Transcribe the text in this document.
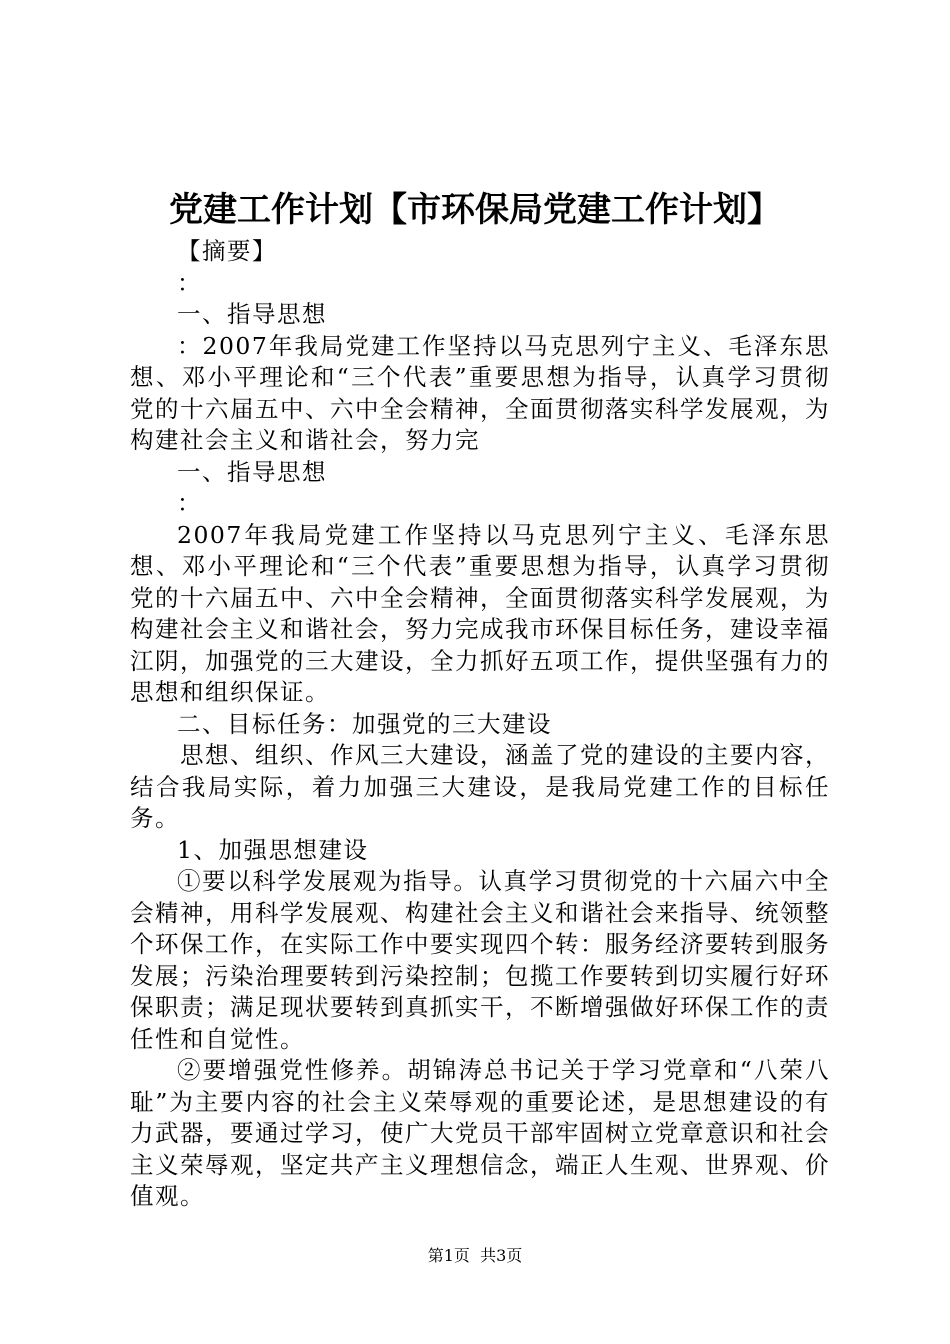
党建工作计划【市环保局党建工作计划】

【摘要】

：

一、指导思想

：2007年我局党建工作坚持以马克思列宁主义、毛泽东思想、邓小平理论和“三个代表”重要思想为指导，认真学习贯彻党的十六届五中、六中全会精神，全面贯彻落实科学发展观，为构建社会主义和谐社会，努力完

一、指导思想

：

2007年我局党建工作坚持以马克思列宁主义、毛泽东思想、邓小平理论和“三个代表”重要思想为指导，认真学习贯彻党的十六届五中、六中全会精神，全面贯彻落实科学发展观，为构建社会主义和谐社会，努力完成我市环保目标任务，建设幸福江阴，加强党的三大建设，全力抓好五项工作，提供坚强有力的思想和组织保证。

二、目标任务：加强党的三大建设

思想、组织、作风三大建设，涵盖了党的建设的主要内容，结合我局实际，着力加强三大建设，是我局党建工作的目标任务。

1、加强思想建设

①要以科学发展观为指导。认真学习贯彻党的十六届六中全会精神，用科学发展观、构建社会主义和谐社会来指导、统领整个环保工作，在实际工作中要实现四个转：服务经济要转到服务发展；污染治理要转到污染控制；包揽工作要转到切实履行好环保职责；满足现状要转到真抓实干，不断增强做好环保工作的责任性和自觉性。

②要增强党性修养。胡锦涛总书记关于学习党章和“八荣八耻”为主要内容的社会主义荣辱观的重要论述，是思想建设的有力武器，要通过学习，使广大党员干部牢固树立党章意识和社会主义荣辱观，坚定共产主义理想信念，端正人生观、世界观、价值观。

第1页  共3页
